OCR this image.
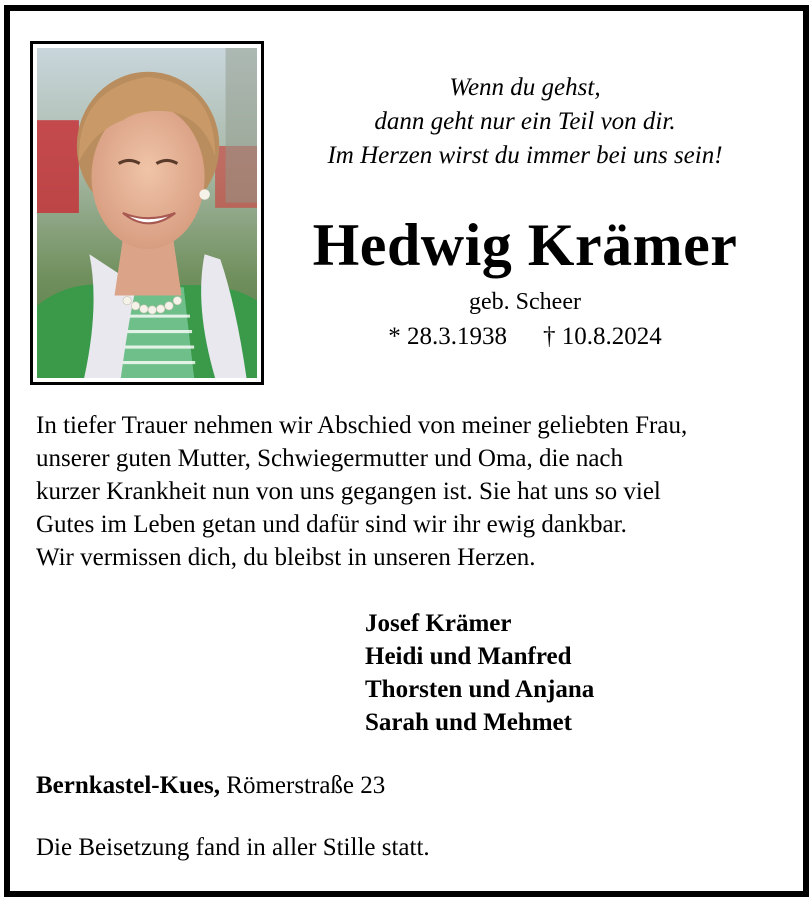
Wenn du gehst,
dann geht nur ein Teil von dir.
Im Herzen wirst du immer bei uns sein!
Hedwig Krämer
geb. Scheer
* 28.3.1938 † 10.8.2024
In tiefer Trauer nehmen wir Abschied von meiner geliebten Frau,
unserer guten Mutter, Schwiegermutter und Oma, die nach
kurzer Krankheit nun von uns gegangen ist. Sie hat uns so viel
Gutes im Leben getan und dafür sind wir ihr ewig dankbar.
Wir vermissen dich, du bleibst in unseren Herzen.
Josef Krämer
Heidi und Manfred
Thorsten und Anjana
Sarah und Mehmet
Bernkastel-Kues, Römerstraße 23
Die Beisetzung fand in aller Stille statt.
